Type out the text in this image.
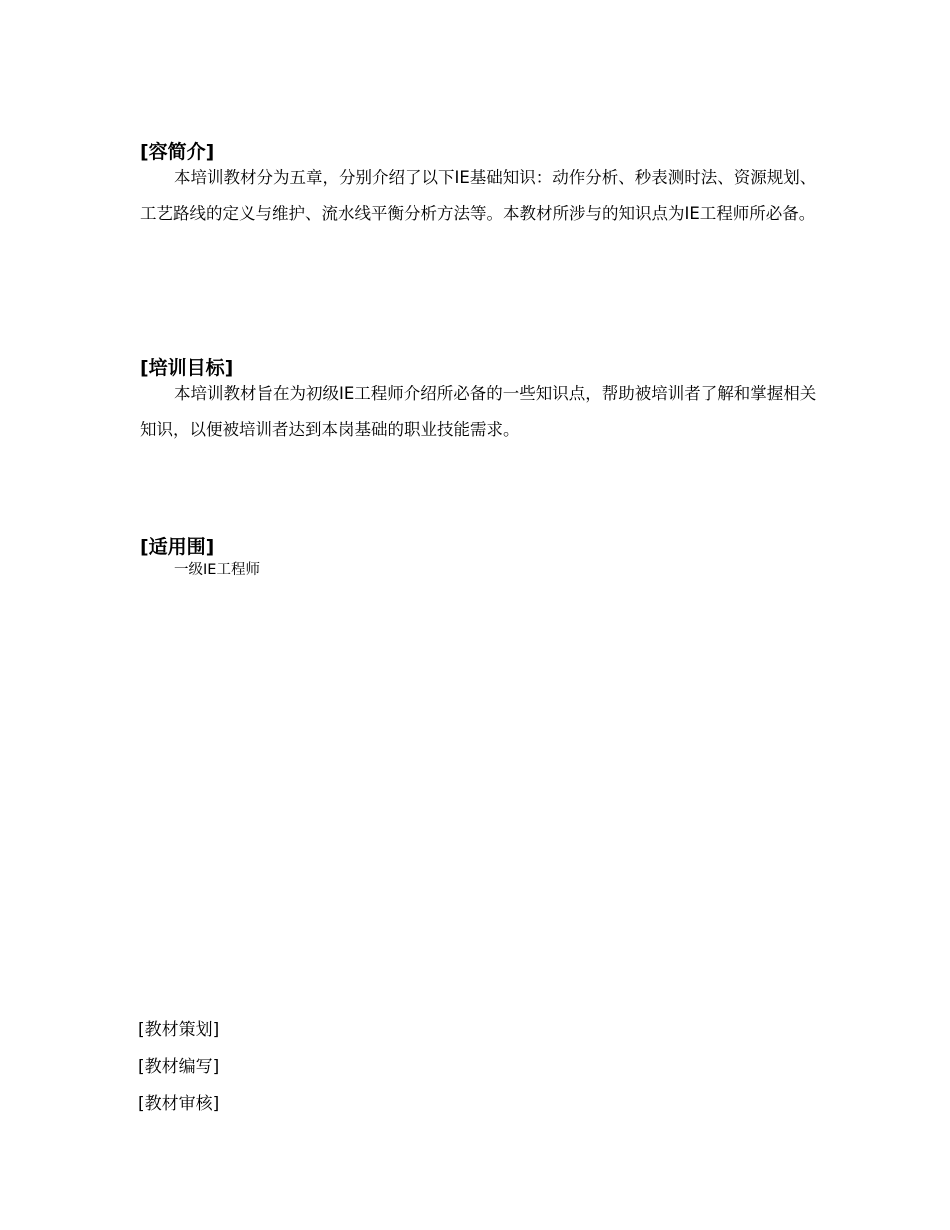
[容简介]

本培训教材分为五章，分别介绍了以下IE基础知识：动作分析、秒表测时法、资源规划、工艺路线的定义与维护、流水线平衡分析方法等。本教材所涉与的知识点为IE工程师所必备。

[培训目标]

本培训教材旨在为初级IE工程师介绍所必备的一些知识点，帮助被培训者了解和掌握相关知识，以便被培训者达到本岗基础的职业技能需求。

[适用围]

一级IE工程师

[教材策划]
[教材编写]
[教材审核]
